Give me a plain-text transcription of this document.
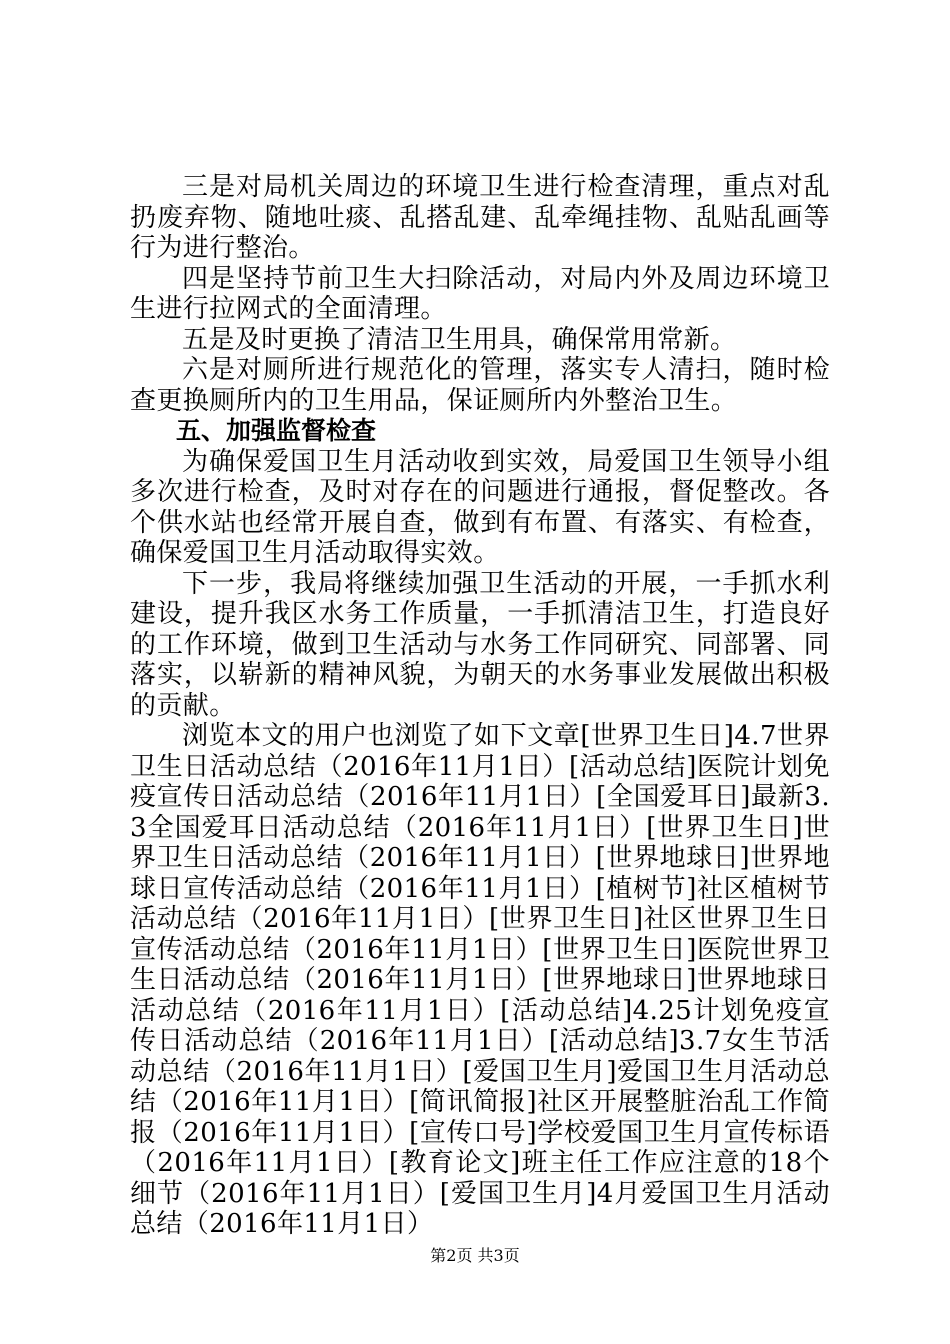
三是对局机关周边的环境卫生进行检查清理，重点对乱扔废弃物、随地吐痰、乱搭乱建、乱牵绳挂物、乱贴乱画等行为进行整治。

四是坚持节前卫生大扫除活动，对局内外及周边环境卫生进行拉网式的全面清理。

五是及时更换了清洁卫生用具，确保常用常新。

六是对厕所进行规范化的管理，落实专人清扫，随时检查更换厕所内的卫生用品，保证厕所内外整治卫生。

五、加强监督检查

为确保爱国卫生月活动收到实效，局爱国卫生领导小组多次进行检查，及时对存在的问题进行通报，督促整改。各个供水站也经常开展自查，做到有布置、有落实、有检查，确保爱国卫生月活动取得实效。

下一步，我局将继续加强卫生活动的开展，一手抓水利建设，提升我区水务工作质量，一手抓清洁卫生，打造良好的工作环境，做到卫生活动与水务工作同研究、同部署、同落实，以崭新的精神风貌，为朝天的水务事业发展做出积极的贡献。

浏览本文的用户也浏览了如下文章[世界卫生日]4.7世界卫生日活动总结（2016年11月1日）[活动总结]医院计划免疫宣传日活动总结（2016年11月1日）[全国爱耳日]最新3.3全国爱耳日活动总结（2016年11月1日）[世界卫生日]世界卫生日活动总结（2016年11月1日）[世界地球日]世界地球日宣传活动总结（2016年11月1日）[植树节]社区植树节活动总结（2016年11月1日）[世界卫生日]社区世界卫生日宣传活动总结（2016年11月1日）[世界卫生日]医院世界卫生日活动总结（2016年11月1日）[世界地球日]世界地球日活动总结（2016年11月1日）[活动总结]4.25计划免疫宣传日活动总结（2016年11月1日）[活动总结]3.7女生节活动总结（2016年11月1日）[爱国卫生月]爱国卫生月活动总结（2016年11月1日）[简讯简报]社区开展整脏治乱工作简报（2016年11月1日）[宣传口号]学校爱国卫生月宣传标语（2016年11月1日）[教育论文]班主任工作应注意的18个细节（2016年11月1日）[爱国卫生月]4月爱国卫生月活动总结（2016年11月1日）

第2页 共3页
